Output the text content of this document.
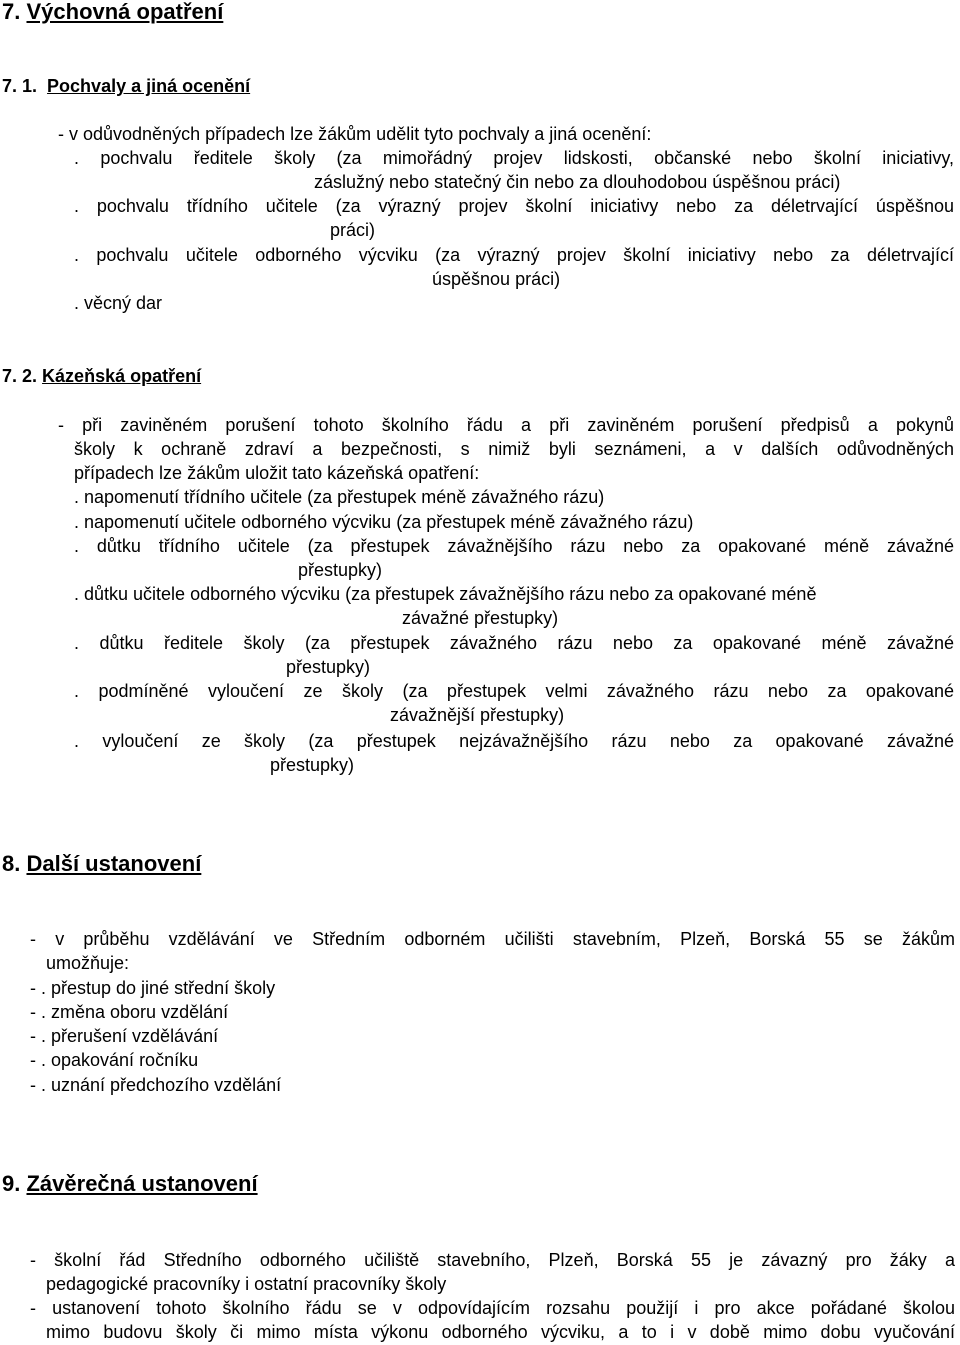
7. Výchovná opatření
7. 1. Pochvaly a jiná ocenění
- v odůvodněných případech lze žákům udělit tyto pochvaly a jiná ocenění:
. pochvalu ředitele školy (za mimořádný projev lidskosti, občanské nebo školní iniciativy,
záslužný nebo statečný čin nebo za dlouhodobou úspěšnou práci)
. pochvalu třídního učitele (za výrazný projev školní iniciativy nebo za déletrvající úspěšnou
práci)
. pochvalu učitele odborného výcviku (za výrazný projev školní iniciativy nebo za déletrvající
úspěšnou práci)
. věcný dar
7. 2. Kázeňská opatření
- při zaviněném porušení tohoto školního řádu a při zaviněném porušení předpisů a pokynů
školy k ochraně zdraví a bezpečnosti, s nimiž byli seznámeni, a v dalších odůvodněných
případech lze žákům uložit tato kázeňská opatření:
. napomenutí třídního učitele (za přestupek méně závažného rázu)
. napomenutí učitele odborného výcviku (za přestupek méně závažného rázu)
. důtku třídního učitele (za přestupek závažnějšího rázu nebo za opakované méně závažné
přestupky)
. důtku učitele odborného výcviku (za přestupek závažnějšího rázu nebo za opakované méně
závažné přestupky)
. důtku ředitele školy (za přestupek závažného rázu nebo za opakované méně závažné
přestupky)
. podmíněné vyloučení ze školy (za přestupek velmi závažného rázu nebo za opakované
závažnější přestupky)
. vyloučení ze školy (za přestupek nejzávažnějšího rázu nebo za opakované závažné
přestupky)
8. Další ustanovení
- v průběhu vzdělávání ve Středním odborném učilišti stavebním, Plzeň, Borská 55 se žákům
umožňuje:
- . přestup do jiné střední školy
- . změna oboru vzdělání
- . přerušení vzdělávání
- . opakování ročníku
- . uznání předchozího vzdělání
9. Závěrečná ustanovení
- školní řád Středního odborného učiliště stavebního, Plzeň, Borská 55 je závazný pro žáky a
pedagogické pracovníky i ostatní pracovníky školy
- ustanovení tohoto školního řádu se v odpovídajícím rozsahu použijí i pro akce pořádané školou
mimo budovu školy či mimo místa výkonu odborného výcviku, a to i v době mimo dobu vyučování
